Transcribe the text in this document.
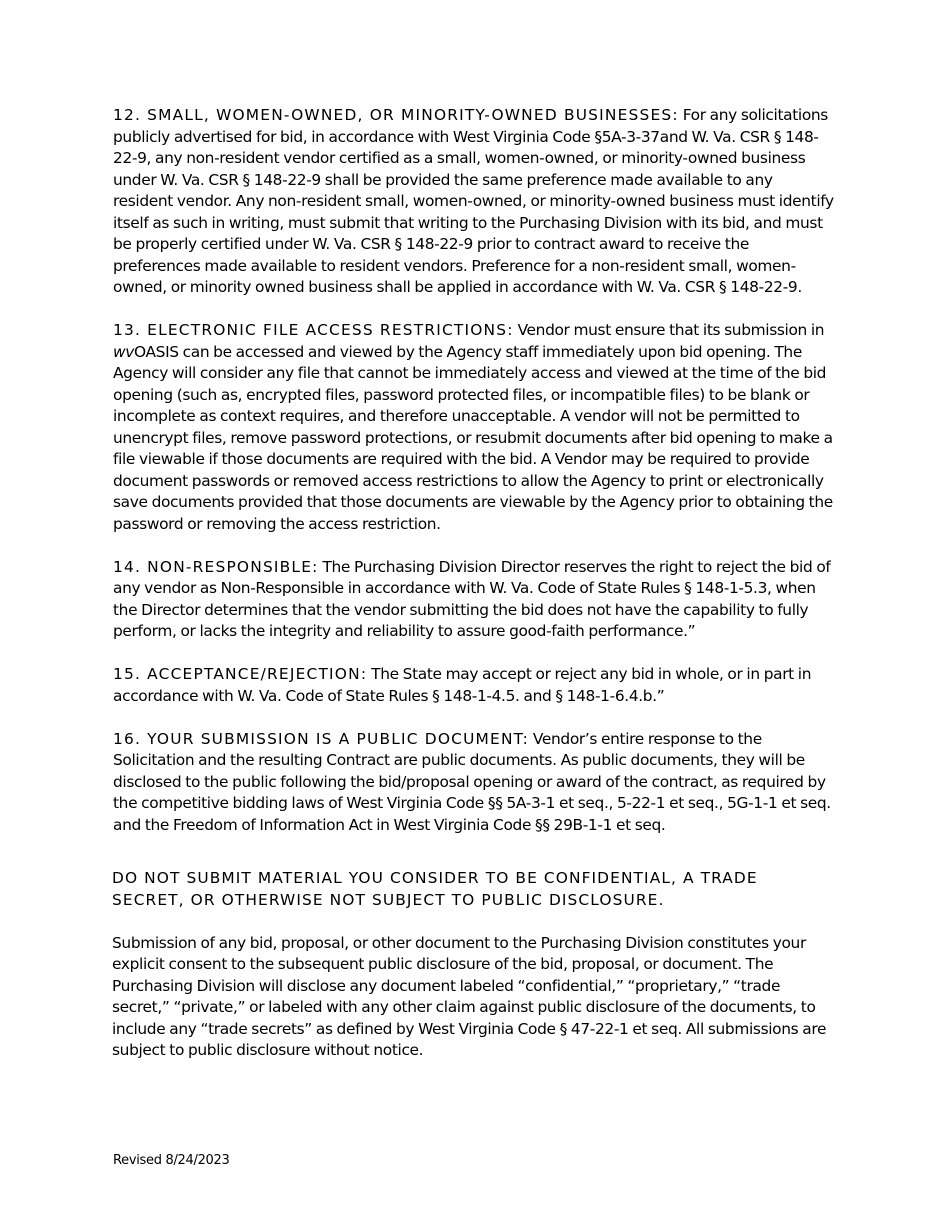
12. SMALL, WOMEN-OWNED, OR MINORITY-OWNED BUSINESSES: For any solicitations publicly advertised for bid, in accordance with West Virginia Code §5A-3-37and W. Va. CSR § 148-22-9, any non-resident vendor certified as a small, women-owned, or minority-owned business under W. Va. CSR § 148-22-9 shall be provided the same preference made available to any resident vendor. Any non-resident small, women-owned, or minority-owned business must identify itself as such in writing, must submit that writing to the Purchasing Division with its bid, and must be properly certified under W. Va. CSR § 148-22-9 prior to contract award to receive the preferences made available to resident vendors. Preference for a non-resident small, women-owned, or minority owned business shall be applied in accordance with W. Va. CSR § 148-22-9.

13. ELECTRONIC FILE ACCESS RESTRICTIONS: Vendor must ensure that its submission in wvOASIS can be accessed and viewed by the Agency staff immediately upon bid opening. The Agency will consider any file that cannot be immediately access and viewed at the time of the bid opening (such as, encrypted files, password protected files, or incompatible files) to be blank or incomplete as context requires, and therefore unacceptable. A vendor will not be permitted to unencrypt files, remove password protections, or resubmit documents after bid opening to make a file viewable if those documents are required with the bid. A Vendor may be required to provide document passwords or removed access restrictions to allow the Agency to print or electronically save documents provided that those documents are viewable by the Agency prior to obtaining the password or removing the access restriction.

14. NON-RESPONSIBLE: The Purchasing Division Director reserves the right to reject the bid of any vendor as Non-Responsible in accordance with W. Va. Code of State Rules § 148-1-5.3, when the Director determines that the vendor submitting the bid does not have the capability to fully perform, or lacks the integrity and reliability to assure good-faith performance.”

15. ACCEPTANCE/REJECTION: The State may accept or reject any bid in whole, or in part in accordance with W. Va. Code of State Rules § 148-1-4.5. and § 148-1-6.4.b.”

16. YOUR SUBMISSION IS A PUBLIC DOCUMENT: Vendor’s entire response to the Solicitation and the resulting Contract are public documents. As public documents, they will be disclosed to the public following the bid/proposal opening or award of the contract, as required by the competitive bidding laws of West Virginia Code §§ 5A-3-1 et seq., 5-22-1 et seq., 5G-1-1 et seq. and the Freedom of Information Act in West Virginia Code §§ 29B-1-1 et seq.

DO NOT SUBMIT MATERIAL YOU CONSIDER TO BE CONFIDENTIAL, A TRADE SECRET, OR OTHERWISE NOT SUBJECT TO PUBLIC DISCLOSURE.

Submission of any bid, proposal, or other document to the Purchasing Division constitutes your explicit consent to the subsequent public disclosure of the bid, proposal, or document. The Purchasing Division will disclose any document labeled “confidential,” “proprietary,” “trade secret,” “private,” or labeled with any other claim against public disclosure of the documents, to include any “trade secrets” as defined by West Virginia Code § 47-22-1 et seq. All submissions are subject to public disclosure without notice.

Revised 8/24/2023
